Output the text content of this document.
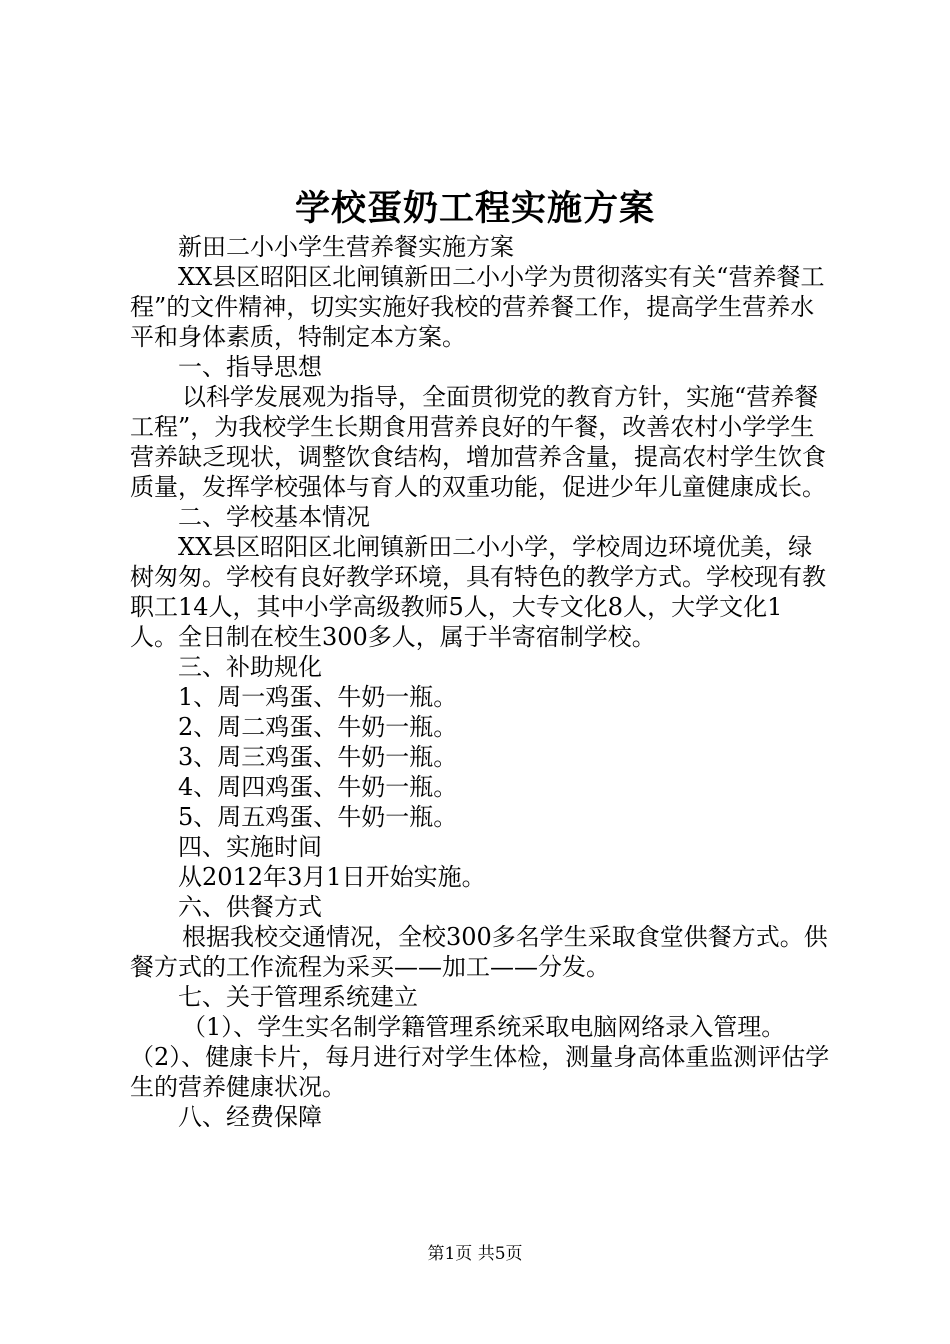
学校蛋奶工程实施方案

新田二小小学生营养餐实施方案

XX县区昭阳区北闸镇新田二小小学为贯彻落实有关“营养餐工程”的文件精神，切实实施好我校的营养餐工作，提高学生营养水平和身体素质，特制定本方案。

一、指导思想

以科学发展观为指导，全面贯彻党的教育方针，实施“营养餐工程”，为我校学生长期食用营养良好的午餐，改善农村小学学生营养缺乏现状，调整饮食结构，增加营养含量，提高农村学生饮食质量，发挥学校强体与育人的双重功能，促进少年儿童健康成长。

二、学校基本情况

XX县区昭阳区北闸镇新田二小小学，学校周边环境优美，绿树匆匆。学校有良好教学环境，具有特色的教学方式。学校现有教职工14人，其中小学高级教师5人，大专文化8人，大学文化1人。全日制在校生300多人，属于半寄宿制学校。

三、补助规化

1、周一鸡蛋、牛奶一瓶。

2、周二鸡蛋、牛奶一瓶。

3、周三鸡蛋、牛奶一瓶。

4、周四鸡蛋、牛奶一瓶。

5、周五鸡蛋、牛奶一瓶。

四、实施时间

从2012年3月1日开始实施。

六、供餐方式

根据我校交通情况，全校300多名学生采取食堂供餐方式。供餐方式的工作流程为采买——加工——分发。

七、关于管理系统建立

（1）、学生实名制学籍管理系统采取电脑网络录入管理。（2）、健康卡片，每月进行对学生体检，测量身高体重监测评估学生的营养健康状况。

八、经费保障

第1页 共5页
